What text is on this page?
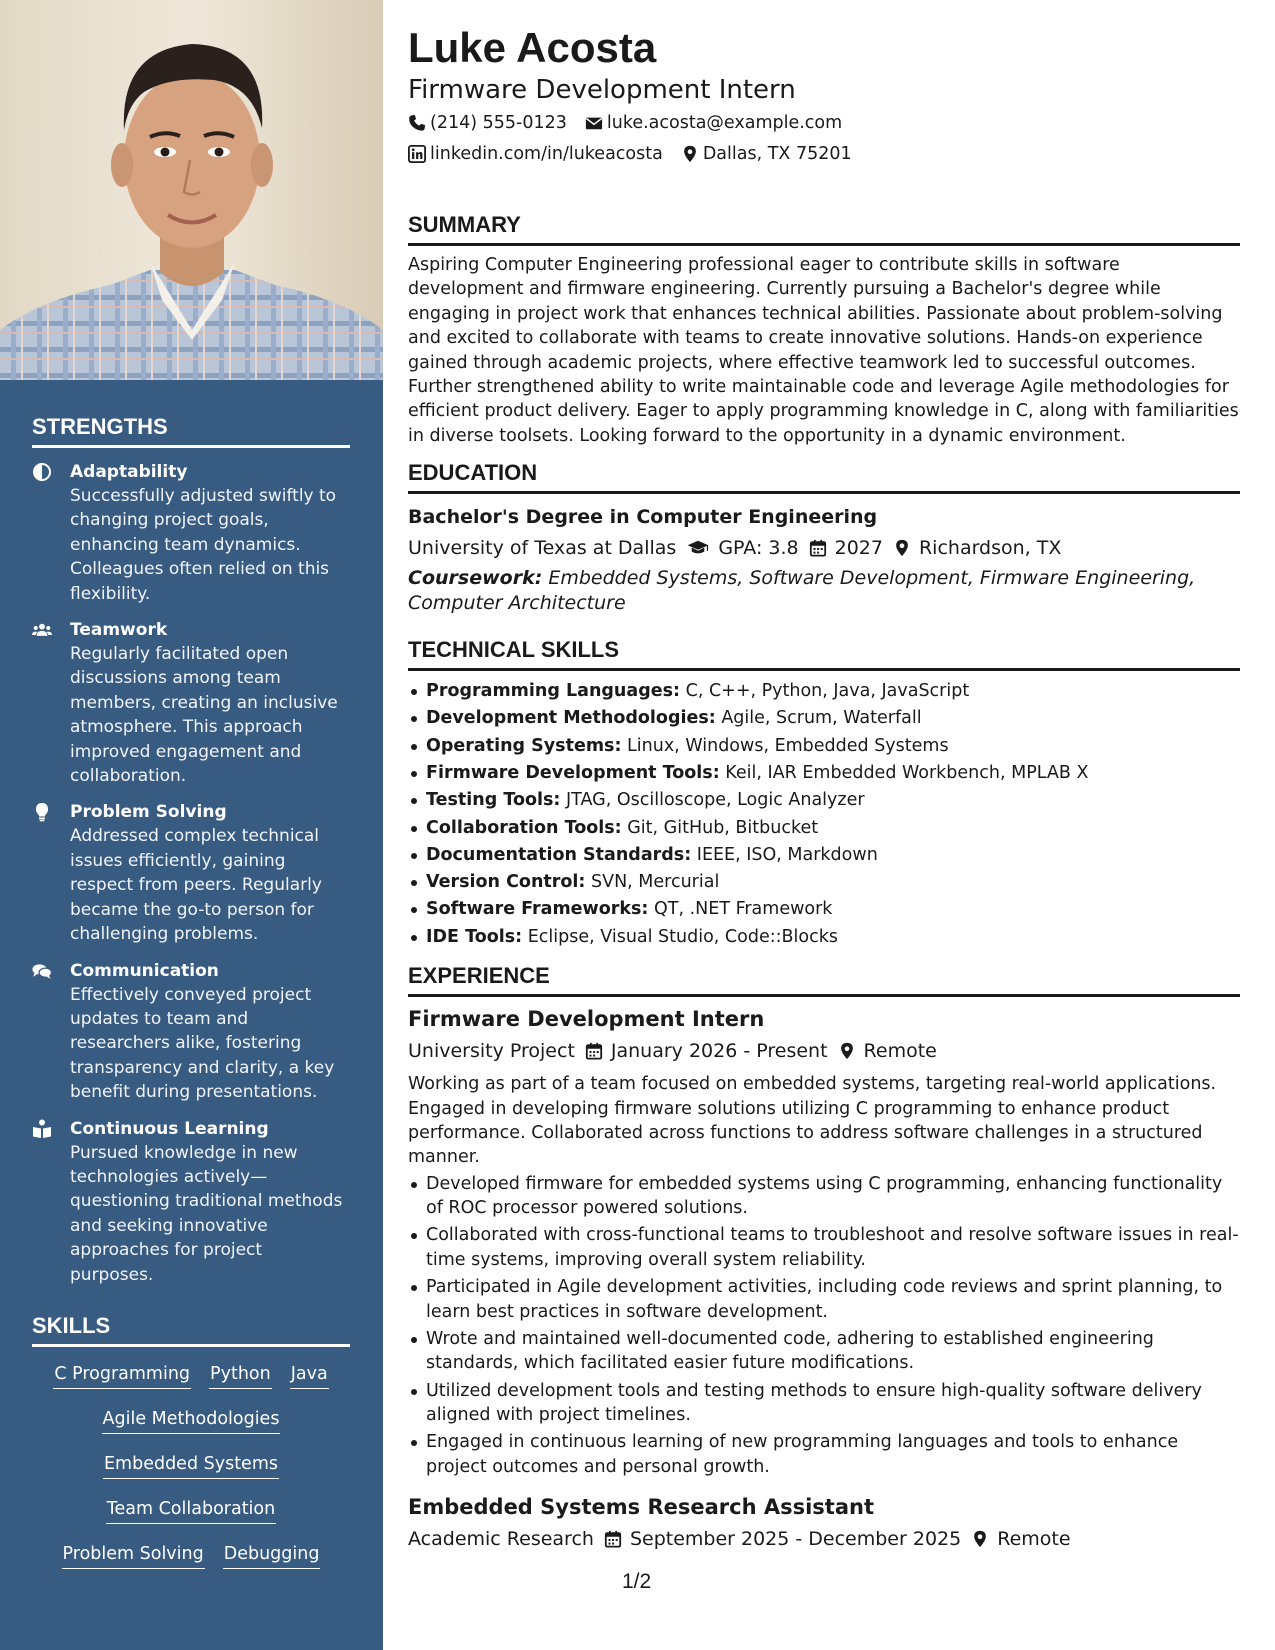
STRENGTHS
Adaptability
Successfully adjusted swiftly to changing project goals, enhancing team dynamics. Colleagues often relied on this flexibility.
Teamwork
Regularly facilitated open discussions among team members, creating an inclusive atmosphere. This approach improved engagement and collaboration.
Problem Solving
Addressed complex technical issues efficiently, gaining respect from peers. Regularly became the go-to person for challenging problems.
Communication
Effectively conveyed project updates to team and researchers alike, fostering transparency and clarity, a key benefit during presentations.
Continuous Learning
Pursued knowledge in new technologies actively—questioning traditional methods and seeking innovative approaches for project purposes.
SKILLS
C Programming Python Java
Agile Methodologies
Embedded Systems
Team Collaboration
Problem Solving Debugging
Luke Acosta
Firmware Development Intern
(214) 555-0123 luke.acosta@example.com
linkedin.com/in/lukeacosta Dallas, TX 75201
SUMMARY
Aspiring Computer Engineering professional eager to contribute skills in software development and firmware engineering. Currently pursuing a Bachelor's degree while engaging in project work that enhances technical abilities. Passionate about problem-solving and excited to collaborate with teams to create innovative solutions. Hands-on experience gained through academic projects, where effective teamwork led to successful outcomes. Further strengthened ability to write maintainable code and leverage Agile methodologies for efficient product delivery. Eager to apply programming knowledge in C, along with familiarities in diverse toolsets. Looking forward to the opportunity in a dynamic environment.
EDUCATION
Bachelor's Degree in Computer Engineering
University of Texas at Dallas GPA: 3.8 2027 Richardson, TX
Coursework: Embedded Systems, Software Development, Firmware Engineering, Computer Architecture
TECHNICAL SKILLS
Programming Languages: C, C++, Python, Java, JavaScript
Development Methodologies: Agile, Scrum, Waterfall
Operating Systems: Linux, Windows, Embedded Systems
Firmware Development Tools: Keil, IAR Embedded Workbench, MPLAB X
Testing Tools: JTAG, Oscilloscope, Logic Analyzer
Collaboration Tools: Git, GitHub, Bitbucket
Documentation Standards: IEEE, ISO, Markdown
Version Control: SVN, Mercurial
Software Frameworks: QT, .NET Framework
IDE Tools: Eclipse, Visual Studio, Code::Blocks
EXPERIENCE
Firmware Development Intern
University Project January 2026 - Present Remote
Working as part of a team focused on embedded systems, targeting real-world applications. Engaged in developing firmware solutions utilizing C programming to enhance product performance. Collaborated across functions to address software challenges in a structured manner.
Developed firmware for embedded systems using C programming, enhancing functionality of ROC processor powered solutions.
Collaborated with cross-functional teams to troubleshoot and resolve software issues in real-time systems, improving overall system reliability.
Participated in Agile development activities, including code reviews and sprint planning, to learn best practices in software development.
Wrote and maintained well-documented code, adhering to established engineering standards, which facilitated easier future modifications.
Utilized development tools and testing methods to ensure high-quality software delivery aligned with project timelines.
Engaged in continuous learning of new programming languages and tools to enhance project outcomes and personal growth.
Embedded Systems Research Assistant
Academic Research September 2025 - December 2025 Remote
1/2
